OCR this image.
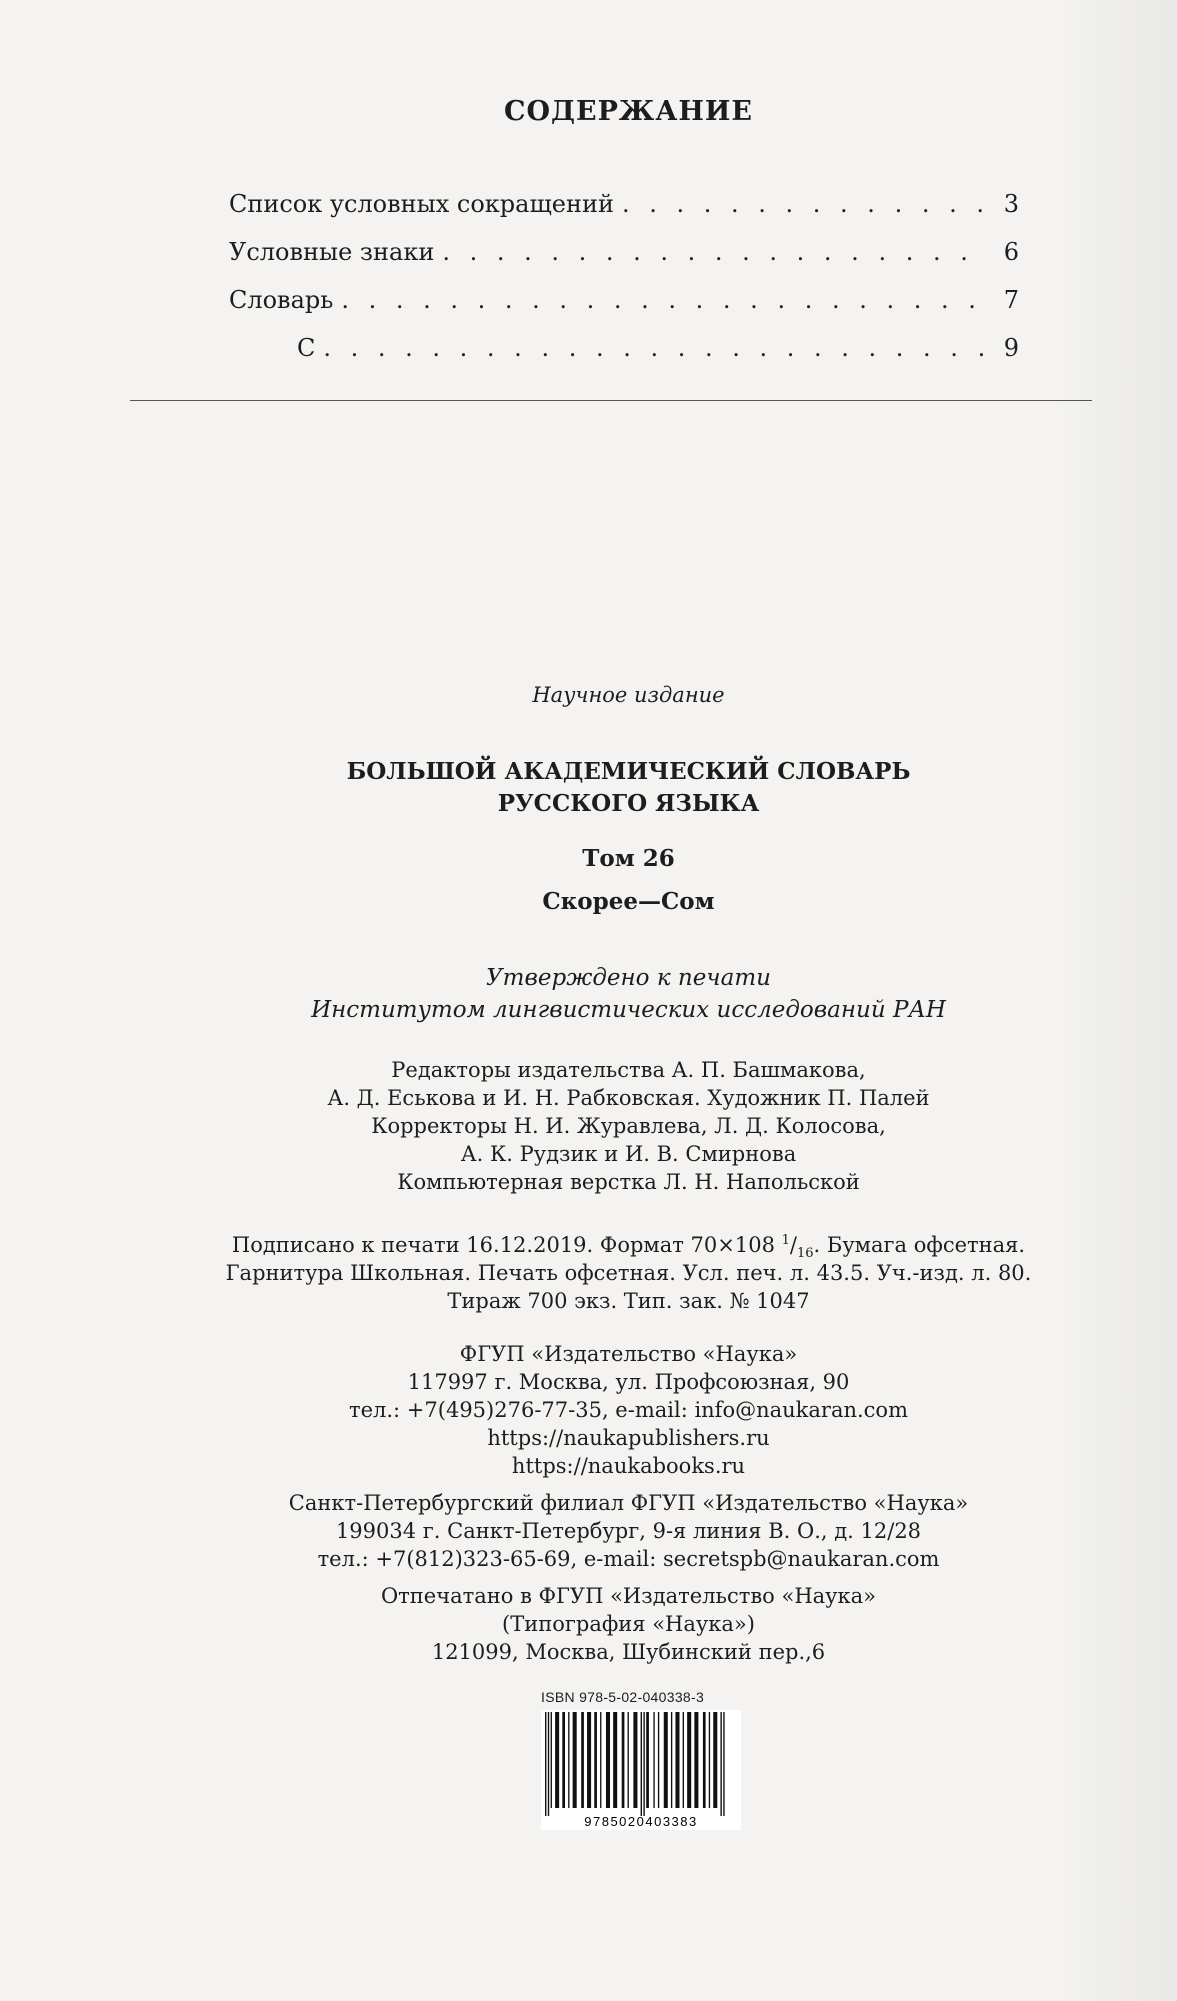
СОДЕРЖАНИЕ
Список условных сокращений . . .	3
Условные знаки . . .	6
Словарь . . .	7
С . . .	9
Научное издание
БОЛЬШОЙ АКАДЕМИЧЕСКИЙ СЛОВАРЬ
РУССКОГО ЯЗЫКА
Том 26
Скорее—Сом
Утверждено к печати
Институтом лингвистических исследований РАН
Редакторы издательства А. П. Башмакова,
А. Д. Еськова и И. Н. Рабковская. Художник П. Палей
Корректоры Н. И. Журавлева, Л. Д. Колосова,
А. К. Рудзик и И. В. Смирнова
Компьютерная верстка Л. Н. Напольской
Подписано к печати 16.12.2019. Формат 70×108 $^1/_{16}$. Бумага офсетная.
Гарнитура Школьная. Печать офсетная. Усл. печ. л. 43.5. Уч.-изд. л. 80.
Тираж 700 экз. Тип. зак. № 1047
ФГУП «Издательство «Наука»
117997 г. Москва, ул. Профсоюзная, 90
тел.: +7(495)276-77-35, e-mail: info@naukaran.com
https://naukapublishers.ru
https://naukabooks.ru
Санкт-Петербургский филиал ФГУП «Издательство «Наука»
199034 г. Санкт-Петербург, 9-я линия В. О., д. 12/28
тел.: +7(812)323-65-69, e-mail: secretspb@naukaran.com
Отпечатано в ФГУП «Издательство «Наука»
(Типография «Наука»)
121099, Москва, Шубинский пер.,6
ISBN 978-5-02-040338-3
9785020403383
